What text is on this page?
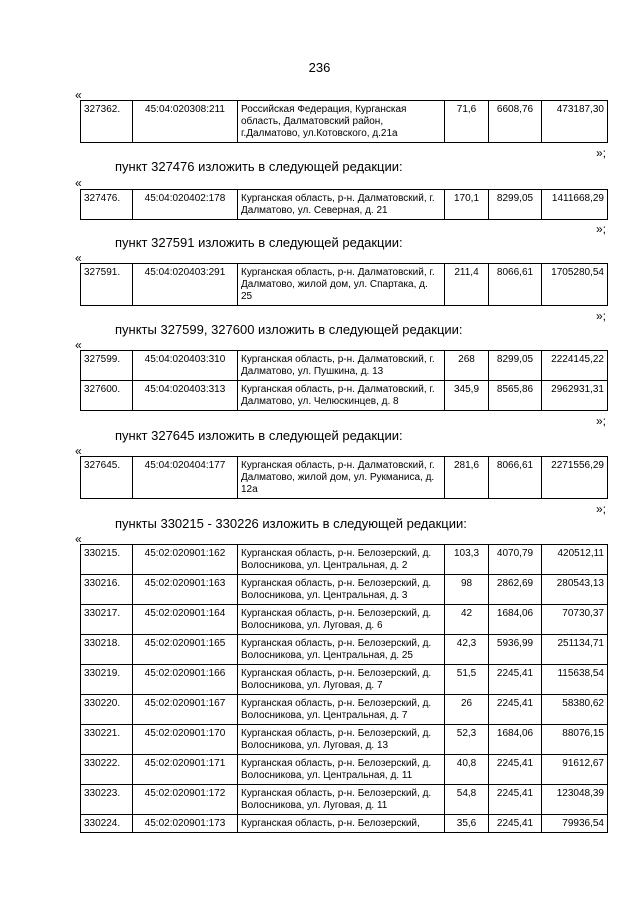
236
«
327362.	45:04:020308:211	Российская Федерация, Курганская область, Далматовский район, г.Далматово, ул.Котовского, д.21а	71,6	6608,76	473187,30
»;
пункт 327476 изложить в следующей редакции:
«
327476.	45:04:020402:178	Курганская область, р-н. Далматовский, г. Далматово, ул. Северная, д. 21	170,1	8299,05	1411668,29
»;
пункт 327591 изложить в следующей редакции:
«
327591.	45:04:020403:291	Курганская область, р-н. Далматовский, г. Далматово, жилой дом, ул. Спартака, д. 25	211,4	8066,61	1705280,54
»;
пункты 327599, 327600 изложить в следующей редакции:
«
327599.	45:04:020403:310	Курганская область, р-н. Далматовский, г. Далматово, ул. Пушкина, д. 13	268	8299,05	2224145,22
327600.	45:04:020403:313	Курганская область, р-н. Далматовский, г. Далматово, ул. Челюскинцев, д. 8	345,9	8565,86	2962931,31
»;
пункт 327645 изложить в следующей редакции:
«
327645.	45:04:020404:177	Курганская область, р-н. Далматовский, г. Далматово, жилой дом, ул. Рукманиса, д. 12а	281,6	8066,61	2271556,29
»;
пункты 330215 - 330226 изложить в следующей редакции:
«
330215.	45:02:020901:162	Курганская область, р-н. Белозерский, д. Волосникова, ул. Центральная, д. 2	103,3	4070,79	420512,11
330216.	45:02:020901:163	Курганская область, р-н. Белозерский, д. Волосникова, ул. Центральная, д. 3	98	2862,69	280543,13
330217.	45:02:020901:164	Курганская область, р-н. Белозерский, д. Волосникова, ул. Луговая, д. 6	42	1684,06	70730,37
330218.	45:02:020901:165	Курганская область, р-н. Белозерский, д. Волосникова, ул. Центральная, д. 25	42,3	5936,99	251134,71
330219.	45:02:020901:166	Курганская область, р-н. Белозерский, д. Волосникова, ул. Луговая, д. 7	51,5	2245,41	115638,54
330220.	45:02:020901:167	Курганская область, р-н. Белозерский, д. Волосникова, ул. Центральная, д. 7	26	2245,41	58380,62
330221.	45:02:020901:170	Курганская область, р-н. Белозерский, д. Волосникова, ул. Луговая, д. 13	52,3	1684,06	88076,15
330222.	45:02:020901:171	Курганская область, р-н. Белозерский, д. Волосникова, ул. Центральная, д. 11	40,8	2245,41	91612,67
330223.	45:02:020901:172	Курганская область, р-н. Белозерский, д. Волосникова, ул. Луговая, д. 11	54,8	2245,41	123048,39
330224.	45:02:020901:173	Курганская область, р-н. Белозерский,	35,6	2245,41	79936,54
